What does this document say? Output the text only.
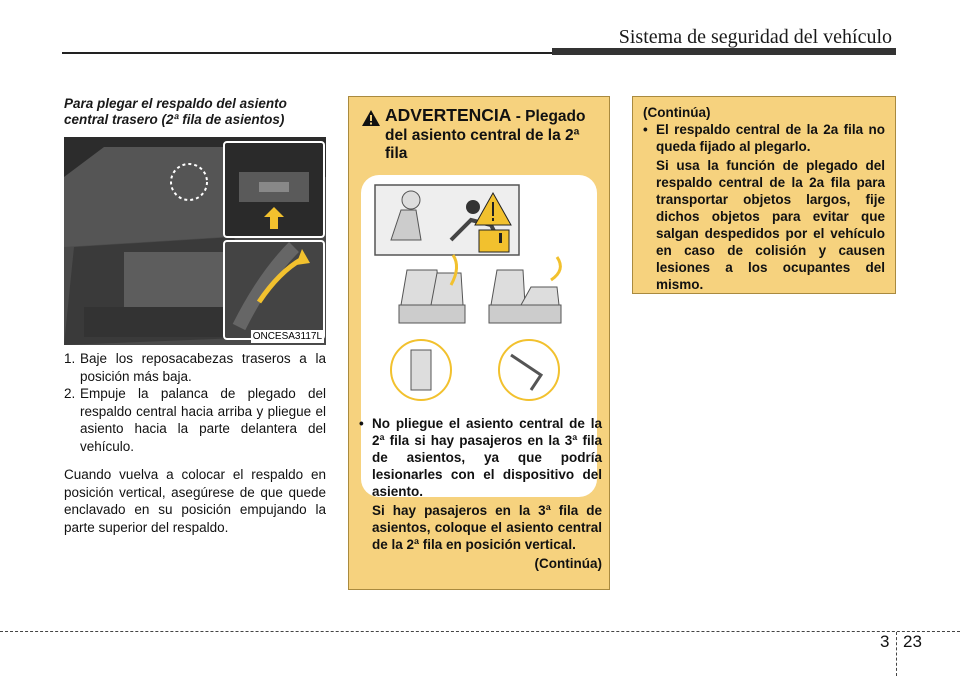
Sistema de seguridad del vehículo
Para plegar el respaldo del asiento central trasero (2ª fila de asientos)
ONCESA3117L
1. Baje los reposacabezas traseros a la posición más baja.
2. Empuje la palanca de plegado del respaldo central hacia arriba y pliegue el asiento hacia la parte delantera del vehículo.
Cuando vuelva a colocar el respaldo en posición vertical, asegúrese de que quede enclavado en su posición empujando la parte superior del respaldo.
ADVERTENCIA - Plegado
del asiento central de la 2ª fila
• No pliegue el asiento central de la 2ª fila si hay pasajeros en la 3ª fila de asientos, ya que podría lesionarles con el dispositivo del asiento.
Si hay pasajeros en la 3ª fila de asientos, coloque el asiento central de la 2ª fila en posición vertical.
(Continúa)
(Continúa)
• El respaldo central de la 2a fila no queda fijado al plegarlo.
Si usa la función de plegado del respaldo central de la 2a fila para transportar objetos largos, fije dichos objetos para evitar que salgan despedidos por el vehículo en caso de colisión y causen lesiones a los ocupantes del mismo.
3 23
